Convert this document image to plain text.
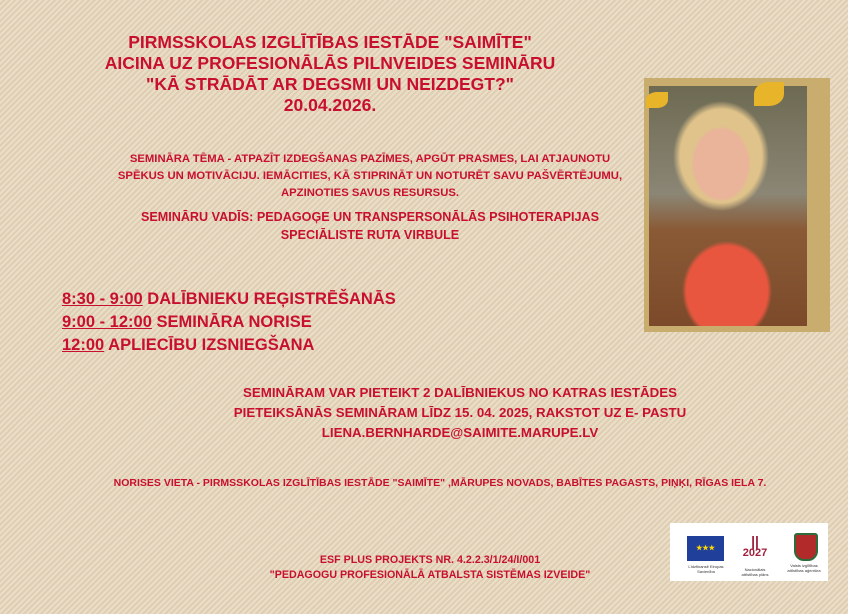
PIRMSSKOLAS IZGLĪTĪBAS IESTĀDE "SAIMĪTE"
AICINA UZ PROFESIONĀLĀS PILNVEIDES SEMINĀRU
"KĀ STRĀDĀT AR DEGSMI UN NEIZDEGT?"
20.04.2026.
SEMINĀRA TĒMA - ATPAZĪT IZDEGŠANAS PAZĪMES, APGŪT PRASMES, LAI ATJAUNOTU SPĒKUS UN MOTIVĀCIJU. IEMĀCITIES, KĀ STIPRINĀT UN NOTURĒT SAVU PAŠVĒRTĒJUMU, APZINOTIES SAVUS RESURSUS.
SEMINĀRU VADĪS: PEDAGOĢE UN TRANSPERSONĀLĀS PSIHOTERAPIJAS SPECIĀLISTE RUTA VIRBULE
8:30 - 9:00 DALĪBNIEKU REĢISTRĒŠANĀS
9:00 - 12:00 SEMINĀRA NORISE
12:00 APLIECĪBU IZSNIEGŠANA
SEMINĀRAM VAR PIETEIKT 2 DALĪBNIEKUS NO KATRAS IESTĀDES
PIETEIKSĀNĀS SEMINĀRAM LĪDZ 15. 04. 2025, RAKSTOT UZ E- PASTU
LIENA.BERNHARDE@SAIMITE.MARUPE.LV
NORISES VIETA - PIRMSSKOLAS IZGLĪTĪBAS IESTĀDE "SAIMĪTE" ,MĀRUPES NOVADS, BABĪTES PAGASTS, PIŅĶI, RĪGAS IELA 7.
ESF PLUS PROJEKTS NR. 4.2.2.3/1/24/I/001
"PEDAGOGU PROFESIONĀLĀ ATBALSTA SISTĒMAS IZVEIDE"
★★★
Līdzfinansē Eiropas Savienība
||
2027
Nacionālais attīstības plāns
Valsts izglītības attīstības aģentūra
